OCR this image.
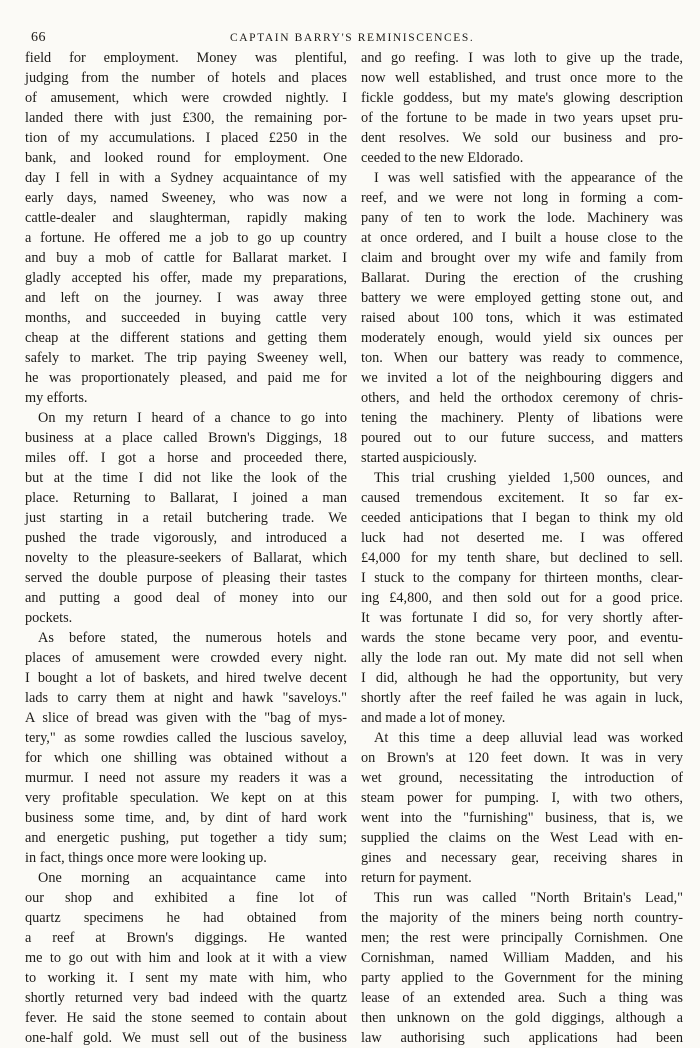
66	CAPTAIN BARRY'S REMINISCENCES.
field for employment. Money was plentiful,
judging from the number of hotels and places
of amusement, which were crowded nightly. I
landed there with just £300, the remaining por-
tion of my accumulations. I placed £250 in the
bank, and looked round for employment. One
day I fell in with a Sydney acquaintance of my
early days, named Sweeney, who was now a
cattle-dealer and slaughterman, rapidly making
a fortune. He offered me a job to go up country
and buy a mob of cattle for Ballarat market. I
gladly accepted his offer, made my preparations,
and left on the journey. I was away three
months, and succeeded in buying cattle very
cheap at the different stations and getting them
safely to market. The trip paying Sweeney well,
he was proportionately pleased, and paid me for
my efforts.
On my return I heard of a chance to go into
business at a place called Brown's Diggings, 18
miles off. I got a horse and proceeded there,
but at the time I did not like the look of the
place. Returning to Ballarat, I joined a man
just starting in a retail butchering trade. We
pushed the trade vigorously, and introduced a
novelty to the pleasure-seekers of Ballarat, which
served the double purpose of pleasing their tastes
and putting a good deal of money into our
pockets.
As before stated, the numerous hotels and
places of amusement were crowded every night.
I bought a lot of baskets, and hired twelve decent
lads to carry them at night and hawk "saveloys."
A slice of bread was given with the "bag of mys-
tery," as some rowdies called the luscious saveloy,
for which one shilling was obtained without a
murmur. I need not assure my readers it was a
very profitable speculation. We kept on at this
business some time, and, by dint of hard work
and energetic pushing, put together a tidy sum;
in fact, things once more were looking up.
One morning an acquaintance came into
our shop and exhibited a fine lot of
quartz specimens he had obtained from
a reef at Brown's diggings. He wanted
me to go out with him and look at it with a view
to working it. I sent my mate with him, who
shortly returned very bad indeed with the quartz
fever. He said the stone seemed to contain about
one-half gold. We must sell out of the business
and go reefing. I was loth to give up the trade,
now well established, and trust once more to the
fickle goddess, but my mate's glowing description
of the fortune to be made in two years upset pru-
dent resolves. We sold our business and pro-
ceeded to the new Eldorado.
I was well satisfied with the appearance of the
reef, and we were not long in forming a com-
pany of ten to work the lode. Machinery was
at once ordered, and I built a house close to the
claim and brought over my wife and family from
Ballarat. During the erection of the crushing
battery we were employed getting stone out, and
raised about 100 tons, which it was estimated
moderately enough, would yield six ounces per
ton. When our battery was ready to commence,
we invited a lot of the neighbouring diggers and
others, and held the orthodox ceremony of chris-
tening the machinery. Plenty of libations were
poured out to our future success, and matters
started auspiciously.
This trial crushing yielded 1,500 ounces, and
caused tremendous excitement. It so far ex-
ceeded anticipations that I began to think my old
luck had not deserted me. I was offered
£4,000 for my tenth share, but declined to sell.
I stuck to the company for thirteen months, clear-
ing £4,800, and then sold out for a good price.
It was fortunate I did so, for very shortly after-
wards the stone became very poor, and eventu-
ally the lode ran out. My mate did not sell when
I did, although he had the opportunity, but very
shortly after the reef failed he was again in luck,
and made a lot of money.
At this time a deep alluvial lead was worked
on Brown's at 120 feet down. It was in very
wet ground, necessitating the introduction of
steam power for pumping. I, with two others,
went into the "furnishing" business, that is, we
supplied the claims on the West Lead with en-
gines and necessary gear, receiving shares in
return for payment.
This run was called "North Britain's Lead,"
the majority of the miners being north country-
men; the rest were principally Cornishmen. One
Cornishman, named William Madden, and his
party applied to the Government for the mining
lease of an extended area. Such a thing was
then unknown on the gold diggings, although a
law authorising such applications had been
